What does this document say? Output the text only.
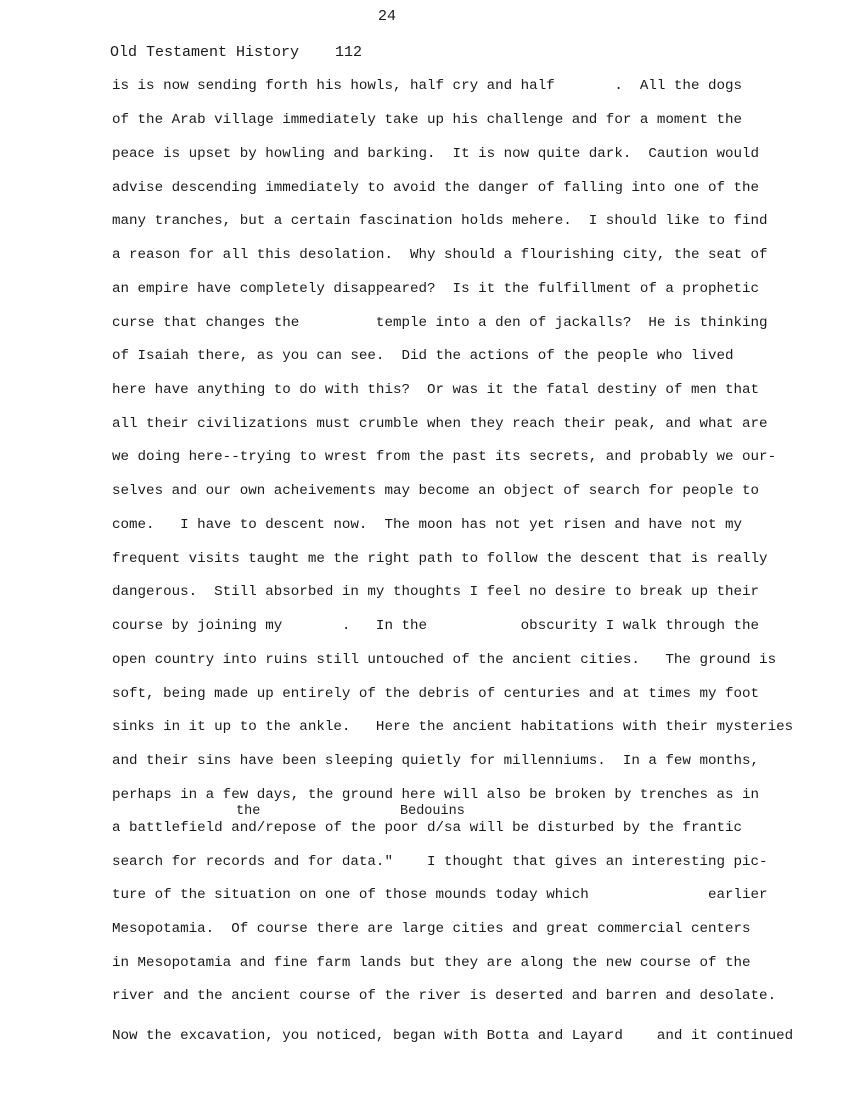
24
Old Testament History 112
is is now sending forth his howls, half cry and half       .  All the dogs
of the Arab village immediately take up his challenge and for a moment the
peace is upset by howling and barking.  It is now quite dark.  Caution would
advise descending immediately to avoid the danger of falling into one of the
many tranches, but a certain fascination holds mehere.  I should like to find
a reason for all this desolation.  Why should a flourishing city, the seat of
an empire have completely disappeared?  Is it the fulfillment of a prophetic
curse that changes the         temple into a den of jackalls?  He is thinking
of Isaiah there, as you can see.  Did the actions of the people who lived
here have anything to do with this?  Or was it the fatal destiny of men that
all their civilizations must crumble when they reach their peak, and what are
we doing here--trying to wrest from the past its secrets, and probably we our-
selves and our own acheivements may become an object of search for people to
come.   I have to descent now.  The moon has not yet risen and have not my
frequent visits taught me the right path to follow the descent that is really
dangerous.  Still absorbed in my thoughts I feel no desire to break up their
course by joining my       .   In the           obscurity I walk through the
open country into ruins still untouched of the ancient cities.   The ground is
soft, being made up entirely of the debris of centuries and at times my foot
sinks in it up to the ankle.   Here the ancient habitations with their mysteries
and their sins have been sleeping quietly for millenniums.  In a few months,
perhaps in a few days, the ground here will also be broken by trenches as in
the	Bedouins
a battlefield and/repose of the poor d/sa will be disturbed by the frantic
search for records and for data."    I thought that gives an interesting pic-
ture of the situation on one of those mounds today which              earlier
Mesopotamia.  Of course there are large cities and great commercial centers
in Mesopotamia and fine farm lands but they are along the new course of the
river and the ancient course of the river is deserted and barren and desolate.
Now the excavation, you noticed, began with Botta and Layard    and it continued
